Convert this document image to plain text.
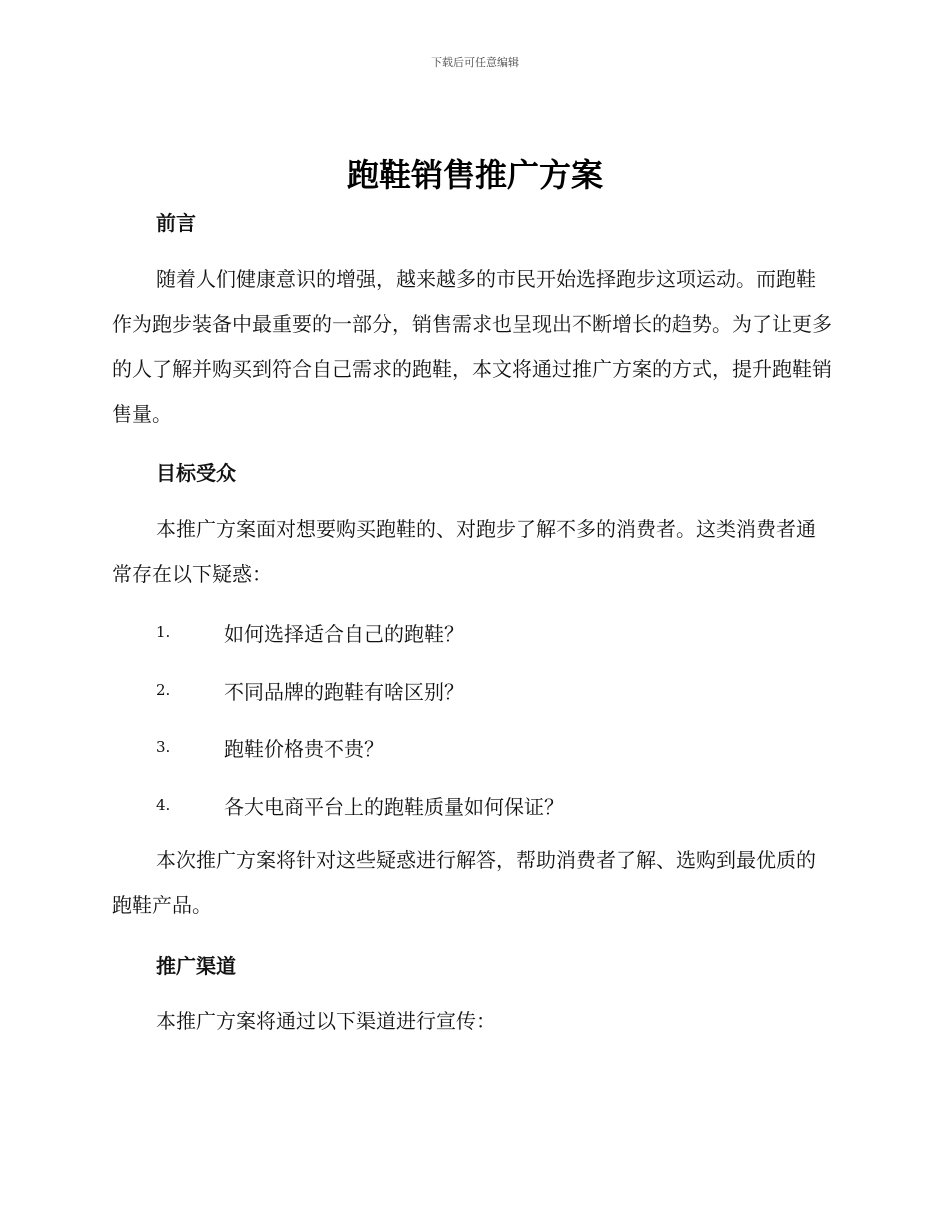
下载后可任意编辑
跑鞋销售推广方案
前言

随着人们健康意识的增强，越来越多的市民开始选择跑步这项运动。而跑鞋作为跑步装备中最重要的一部分，销售需求也呈现出不断增长的趋势。为了让更多的人了解并购买到符合自己需求的跑鞋，本文将通过推广方案的方式，提升跑鞋销售量。

目标受众

本推广方案面对想要购买跑鞋的、对跑步了解不多的消费者。这类消费者通常存在以下疑惑：

1.	如何选择适合自己的跑鞋？
2.	不同品牌的跑鞋有啥区别？
3.	跑鞋价格贵不贵？
4.	各大电商平台上的跑鞋质量如何保证？

本次推广方案将针对这些疑惑进行解答，帮助消费者了解、选购到最优质的跑鞋产品。

推广渠道

本推广方案将通过以下渠道进行宣传：
